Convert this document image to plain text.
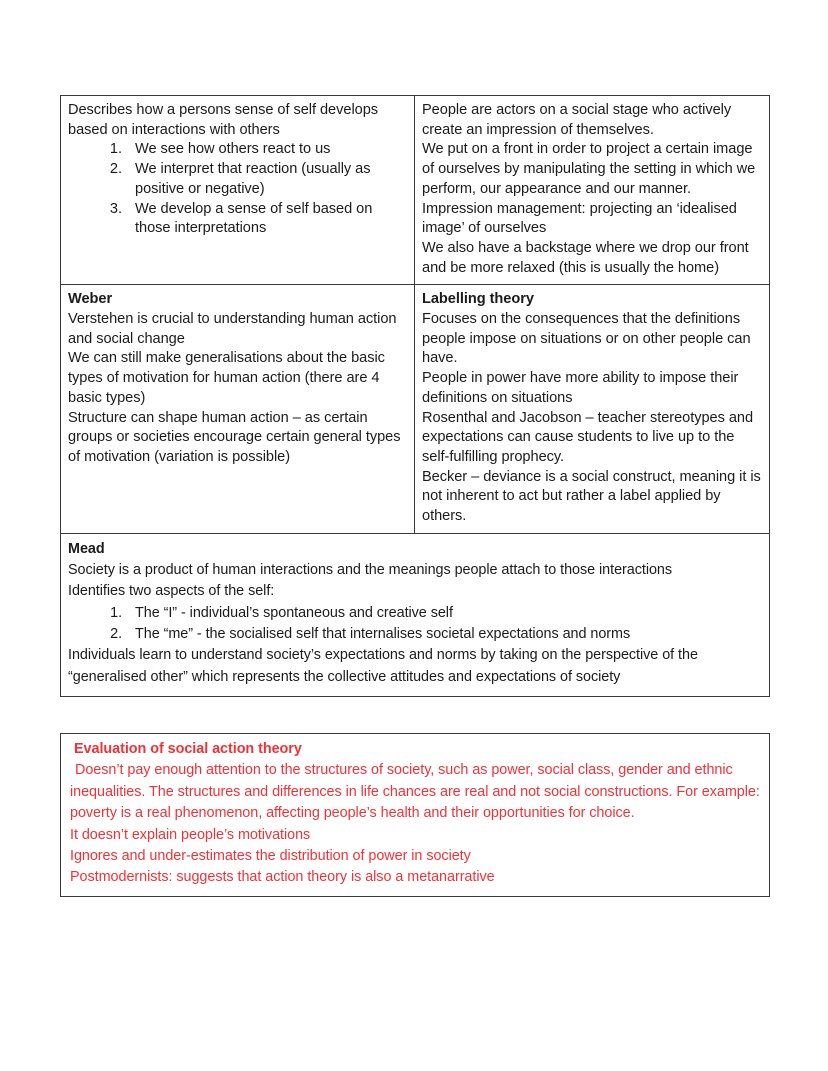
Describes how a persons sense of self develops
based on interactions with others
1. We see how others react to us
2. We interpret that reaction (usually as positive or negative)
3. We develop a sense of self based on those interpretations
People are actors on a social stage who actively create an impression of themselves.
We put on a front in order to project a certain image of ourselves by manipulating the setting in which we perform, our appearance and our manner.
Impression management: projecting an ‘idealised image’ of ourselves
We also have a backstage where we drop our front and be more relaxed (this is usually the home)
Weber
Verstehen is crucial to understanding human action and social change
We can still make generalisations about the basic types of motivation for human action (there are 4 basic types)
Structure can shape human action – as certain groups or societies encourage certain general types of motivation (variation is possible)
Labelling theory
Focuses on the consequences that the definitions people impose on situations or on other people can have.
People in power have more ability to impose their definitions on situations
Rosenthal and Jacobson – teacher stereotypes and expectations can cause students to live up to the self-fulfilling prophecy.
Becker – deviance is a social construct, meaning it is not inherent to act but rather a label applied by others.
Mead
Society is a product of human interactions and the meanings people attach to those interactions
Identifies two aspects of the self:
1. The “I” - individual’s spontaneous and creative self
2. The “me” - the socialised self that internalises societal expectations and norms
Individuals learn to understand society’s expectations and norms by taking on the perspective of the “generalised other” which represents the collective attitudes and expectations of society
Evaluation of social action theory
Doesn’t pay enough attention to the structures of society, such as power, social class, gender and ethnic inequalities. The structures and differences in life chances are real and not social constructions. For example: poverty is a real phenomenon, affecting people’s health and their opportunities for choice.
It doesn’t explain people’s motivations
Ignores and under-estimates the distribution of power in society
Postmodernists: suggests that action theory is also a metanarrative
